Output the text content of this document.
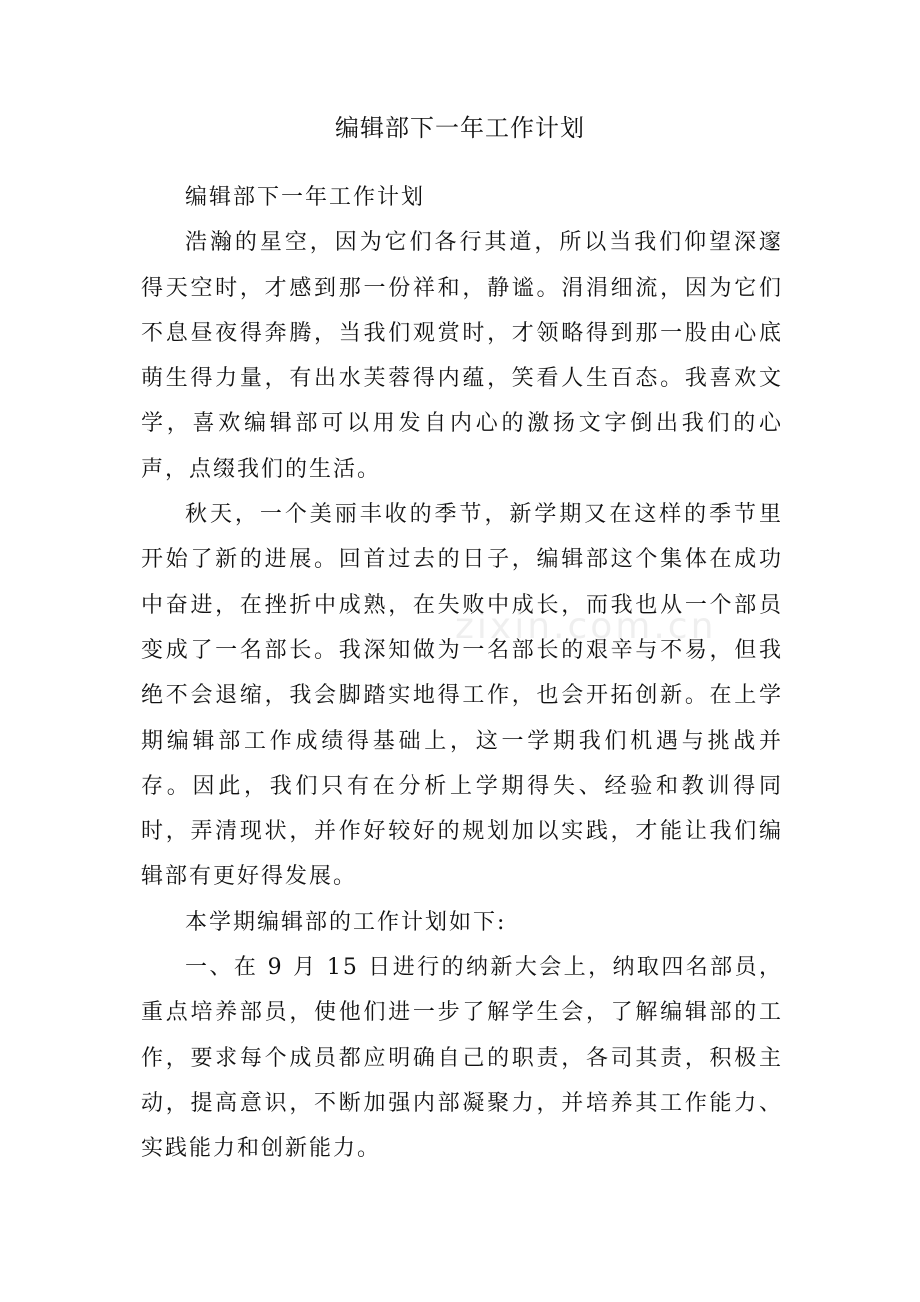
编辑部下一年工作计划

编辑部下一年工作计划

浩瀚的星空，因为它们各行其道，所以当我们仰望深邃得天空时，才感到那一份祥和，静谧。涓涓细流，因为它们不息昼夜得奔腾，当我们观赏时，才领略得到那一股由心底萌生得力量，有出水芙蓉得内蕴，笑看人生百态。我喜欢文学，喜欢编辑部可以用发自内心的激扬文字倒出我们的心声，点缀我们的生活。

秋天，一个美丽丰收的季节，新学期又在这样的季节里开始了新的进展。回首过去的日子，编辑部这个集体在成功中奋进，在挫折中成熟，在失败中成长，而我也从一个部员变成了一名部长。我深知做为一名部长的艰辛与不易，但我绝不会退缩，我会脚踏实地得工作，也会开拓创新。在上学期编辑部工作成绩得基础上，这一学期我们机遇与挑战并存。因此，我们只有在分析上学期得失、经验和教训得同时，弄清现状，并作好较好的规划加以实践，才能让我们编辑部有更好得发展。

本学期编辑部的工作计划如下:

一、在 9 月 15 日进行的纳新大会上，纳取四名部员，重点培养部员，使他们进一步了解学生会，了解编辑部的工作，要求每个成员都应明确自己的职责，各司其责，积极主动，提高意识，不断加强内部凝聚力，并培养其工作能力、实践能力和创新能力。

zixin.com.cn
